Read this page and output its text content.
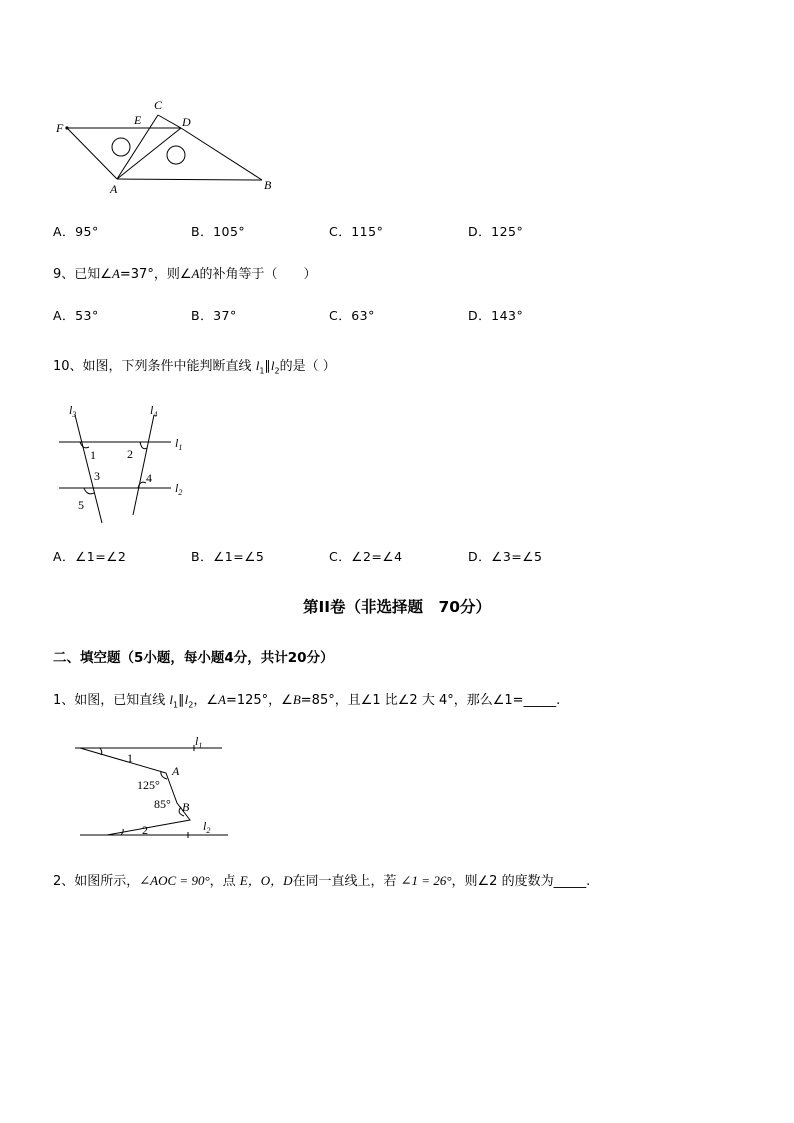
F
E
C
D
A	B
A．95°	B．105°	C．115°	D．125°
9、已知∠A=37°，则∠A的补角等于（　　）
A．53°	B．37°	C．63°	D．143°
10、如图，下列条件中能判断直线 $l_1\parallel l_2$的是（ ）
$l_3$	$l_4$
$l_1$
$l_2$
1	2
3	4
5
A．∠1=∠2	B．∠1=∠5	C．∠2=∠4	D．∠3=∠5
第II卷（非选择题　70分）
二、填空题（5小题，每小题4分，共计20分）
1、如图，已知直线 $l_1\parallel l_2$，∠A=125°，∠B=85°，且∠1 比∠2 大 4°，那么∠1=_____.
$l_1$
$l_2$
1
2
A
B
125°
85°
2、如图所示，∠AOC = 90°，点 E，O，D在同一直线上，若 ∠1 = 26°，则∠2 的度数为_____.
